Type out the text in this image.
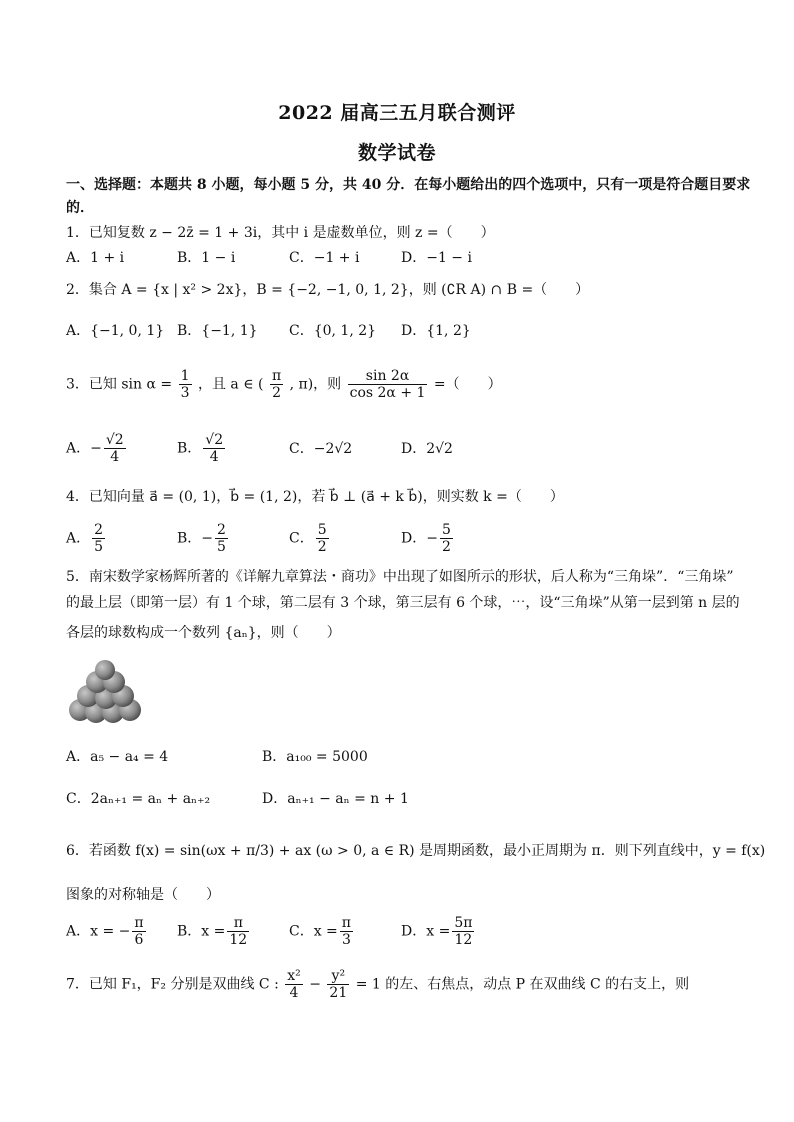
2022 届高三五月联合测评
数学试卷
一、选择题：本题共 8 小题，每小题 5 分，共 40 分．在每小题给出的四个选项中，只有一项是符合题目要求
的．
1．已知复数 z − 2z̄ = 1 + 3i，其中 i 是虚数单位，则 z =（　　）
A．1 + i	B．1 − i	C．−1 + i	D．−1 − i
2．集合 A = {x | x² > 2x}，B = {−2, −1, 0, 1, 2}，则 (∁R A) ∩ B =（　　）
A．{−1, 0, 1} B．{−1, 1} C．{0, 1, 2} D．{1, 2}
3．已知 $\sin \alpha = \frac{1}{3}$ ，且 a ∈ ( $\frac{\pi}{2}$ , π)，则 $\frac{\sin 2\alpha}{\cos 2\alpha + 1}$ =（　　）
A．− $\frac{√2}{4}$	B． $\frac{√2}{4}$	C．−2√2	D．2√2
4．已知向量 a⃗ = (0, 1)，b⃗ = (1, 2)，若 b⃗ ⊥ (a⃗ + k b⃗)，则实数 k =（　　）
A． $\frac{2}{5}$	B．− $\frac{2}{5}$	C． $\frac{5}{2}$	D．− $\frac{5}{2}$
5．南宋数学家杨辉所著的《详解九章算法・商功》中出现了如图所示的形状，后人称为“三角垛”．“三角垛”
的最上层（即第一层）有 1 个球，第二层有 3 个球，第三层有 6 个球，⋯，设“三角垛”从第一层到第 n 层的
各层的球数构成一个数列 {aₙ}，则（　　）
A．a₅ − a₄ = 4	B．a₁₀₀ = 5000
C．2aₙ₊₁ = aₙ + aₙ₊₂	D．aₙ₊₁ − aₙ = n + 1
6．若函数 f(x) = sin(ωx + π/3) + ax (ω > 0, a ∈ R) 是周期函数，最小正周期为 π．则下列直线中，y = f(x)
图象的对称轴是（　　）
A．x = − $\frac{\pi}{6}$ B．$x = \frac{\pi}{12}$	C．$x = \frac{\pi}{3}$	D．$x = \frac{5\pi}{12}$
7．已知 F₁，F₂ 分别是双曲线 C : $\frac{\text{x²}}{4} - \frac{\text{y²}}{21} = 1$ 的左、右焦点，动点 P 在双曲线 C 的右支上，则
